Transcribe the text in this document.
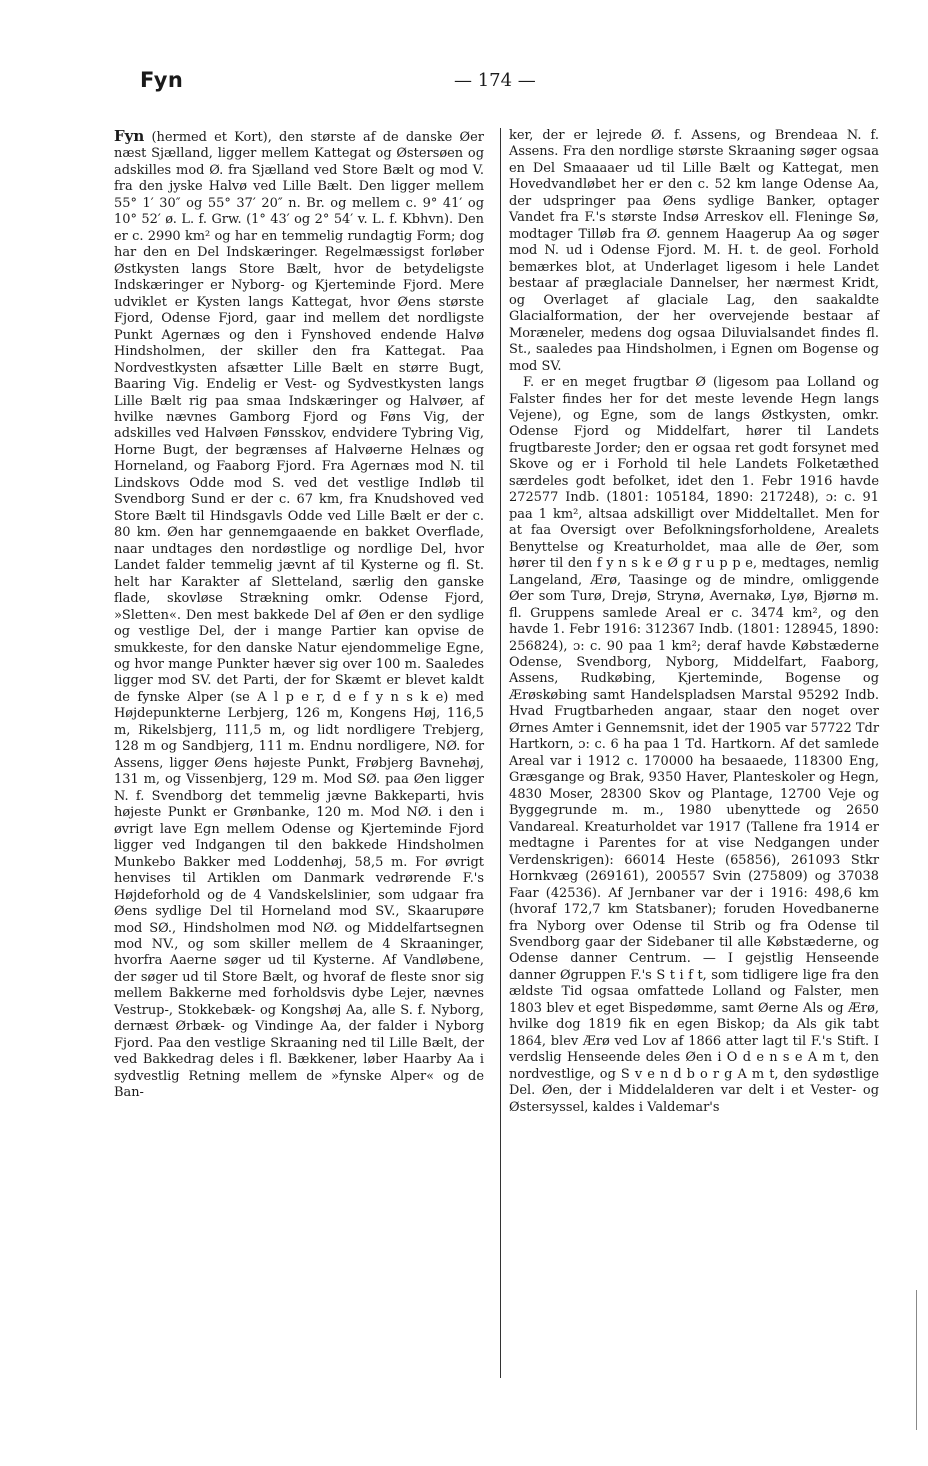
Fyn	— 174 —

Fyn (hermed et Kort), den største af de danske Øer næst Sjælland, ligger mellem Kattegat og Østersøen og adskilles mod Ø. fra Sjælland ved Store Bælt og mod V. fra den jyske Halvø ved Lille Bælt. Den ligger mellem 55° 1′ 30″ og 55° 37′ 20″ n. Br. og mellem c. 9° 41′ og 10° 52′ ø. L. f. Grw. (1° 43′ og 2° 54′ v. L. f. Kbhvn). Den er c. 2990 km² og har en temmelig rundagtig Form; dog har den en Del Indskæringer. Regelmæssigst forløber Østkysten langs Store Bælt, hvor de betydeligste Indskæringer er Nyborg- og Kjerteminde Fjord. Mere udviklet er Kysten langs Kattegat, hvor Øens største Fjord, Odense Fjord, gaar ind mellem det nordligste Punkt Agernæs og den i Fynshoved endende Halvø Hindsholmen, der skiller den fra Kattegat. Paa Nordvestkysten afsætter Lille Bælt en større Bugt, Baaring Vig. Endelig er Vest- og Sydvestkysten langs Lille Bælt rig paa smaa Indskæringer og Halvøer, af hvilke nævnes Gamborg Fjord og Føns Vig, der adskilles ved Halvøen Fønsskov, endvidere Tybring Vig, Horne Bugt, der begrænses af Halvøerne Helnæs og Horneland, og Faaborg Fjord. Fra Agernæs mod N. til Lindskovs Odde mod S. ved det vestlige Indløb til Svendborg Sund er der c. 67 km, fra Knudshoved ved Store Bælt til Hindsgavls Odde ved Lille Bælt er der c. 80 km. Øen har gennemgaaende en bakket Overflade, naar undtages den nordøstlige og nordlige Del, hvor Landet falder temmelig jævnt af til Kysterne og fl. St. helt har Karakter af Sletteland, særlig den ganske flade, skovløse Strækning omkr. Odense Fjord, »Sletten«. Den mest bakkede Del af Øen er den sydlige og vestlige Del, der i mange Partier kan opvise de smukkeste, for den danske Natur ejendommelige Egne, og hvor mange Punkter hæver sig over 100 m. Saaledes ligger mod SV. det Parti, der for Skæmt er blevet kaldt de fynske Alper (se A l p e r, d e f y n s k e) med Højdepunkterne Lerbjerg, 126 m, Kongens Høj, 116,5 m, Rikelsbjerg, 111,5 m, og lidt nordligere Trebjerg, 128 m og Sandbjerg, 111 m. Endnu nordligere, NØ. for Assens, ligger Øens højeste Punkt, Frøbjerg Bavnehøj, 131 m, og Vissenbjerg, 129 m. Mod SØ. paa Øen ligger N. f. Svendborg det temmelig jævne Bakkeparti, hvis højeste Punkt er Grønbanke, 120 m. Mod NØ. i den i øvrigt lave Egn mellem Odense og Kjerteminde Fjord ligger ved Indgangen til den bakkede Hindsholmen Munkebo Bakker med Loddenhøj, 58,5 m. For øvrigt henvises til Artiklen om Danmark vedrørende F.'s Højdeforhold og de 4 Vandskelslinier, som udgaar fra Øens sydlige Del til Horneland mod SV., Skaarupøre mod SØ., Hindsholmen mod NØ. og Middelfartsegnen mod NV., og som skiller mellem de 4 Skraaninger, hvorfra Aaerne søger ud til Kysterne. Af Vandløbene, der søger ud til Store Bælt, og hvoraf de fleste snor sig mellem Bakkerne med forholdsvis dybe Lejer, nævnes Vestrup-, Stokkebæk- og Kongshøj Aa, alle S. f. Nyborg, dernæst Ørbæk- og Vindinge Aa, der falder i Nyborg Fjord. Paa den vestlige Skraaning ned til Lille Bælt, der ved Bakkedrag deles i fl. Bækkener, løber Haarby Aa i sydvestlig Retning mellem de »fynske Alper« og de Ban-

ker, der er lejrede Ø. f. Assens, og Brendeaa N. f. Assens. Fra den nordlige største Skraaning søger ogsaa en Del Smaaaaer ud til Lille Bælt og Kattegat, men Hovedvandløbet her er den c. 52 km lange Odense Aa, der udspringer paa Øens sydlige Banker, optager Vandet fra F.'s største Indsø Arreskov ell. Fleninge Sø, modtager Tilløb fra Ø. gennem Haagerup Aa og søger mod N. ud i Odense Fjord. M. H. t. de geol. Forhold bemærkes blot, at Underlaget ligesom i hele Landet bestaar af præglaciale Dannelser, her nærmest Kridt, og Overlaget af glaciale Lag, den saakaldte Glacialformation, der her overvejende bestaar af Moræneler, medens dog ogsaa Diluvialsandet findes fl. St., saaledes paa Hindsholmen, i Egnen om Bogense og mod SV.

F. er en meget frugtbar Ø (ligesom paa Lolland og Falster findes her for det meste levende Hegn langs Vejene), og Egne, som de langs Østkysten, omkr. Odense Fjord og Middelfart, hører til Landets frugtbareste Jorder; den er ogsaa ret godt forsynet med Skove og er i Forhold til hele Landets Folketæthed særdeles godt befolket, idet den 1. Febr 1916 havde 272577 Indb. (1801: 105184, 1890: 217248), ɔ: c. 91 paa 1 km², altsaa adskilligt over Middeltallet. Men for at faa Oversigt over Befolkningsforholdene, Arealets Benyttelse og Kreaturholdet, maa alle de Øer, som hører til den f y n s k e Ø g r u p p e, medtages, nemlig Langeland, Ærø, Taasinge og de mindre, omliggende Øer som Turø, Drejø, Strynø, Avernakø, Lyø, Bjørnø m. fl. Gruppens samlede Areal er c. 3474 km², og den havde 1. Febr 1916: 312367 Indb. (1801: 128945, 1890: 256824), ɔ: c. 90 paa 1 km²; deraf havde Købstæderne Odense, Svendborg, Nyborg, Middelfart, Faaborg, Assens, Rudkøbing, Kjerteminde, Bogense og Ærøskøbing samt Handelspladsen Marstal 95292 Indb. Hvad Frugtbarheden angaar, staar den noget over Ørnes Amter i Gennemsnit, idet der 1905 var 57722 Tdr Hartkorn, ɔ: c. 6 ha paa 1 Td. Hartkorn. Af det samlede Areal var i 1912 c. 170000 ha besaaede, 118300 Eng, Græsgange og Brak, 9350 Haver, Planteskoler og Hegn, 4830 Moser, 28300 Skov og Plantage, 12700 Veje og Byggegrunde m. m., 1980 ubenyttede og 2650 Vandareal. Kreaturholdet var 1917 (Tallene fra 1914 er medtagne i Parentes for at vise Nedgangen under Verdenskrigen): 66014 Heste (65856), 261093 Stkr Hornkvæg (269161), 200557 Svin (275809) og 37038 Faar (42536). Af Jernbaner var der i 1916: 498,6 km (hvoraf 172,7 km Statsbaner); foruden Hovedbanerne fra Nyborg over Odense til Strib og fra Odense til Svendborg gaar der Sidebaner til alle Købstæderne, og Odense danner Centrum. — I gejstlig Henseende danner Øgruppen F.'s S t i f t, som tidligere lige fra den ældste Tid ogsaa omfattede Lolland og Falster, men 1803 blev et eget Bispedømme, samt Øerne Als og Ærø, hvilke dog 1819 fik en egen Biskop; da Als gik tabt 1864, blev Ærø ved Lov af 1866 atter lagt til F.'s Stift. I verdslig Henseende deles Øen i O d e n s e A m t, den nordvestlige, og S v e n d b o r g A m t, den sydøstlige Del. Øen, der i Middelalderen var delt i et Vester- og Østersyssel, kaldes i Valdemar's
